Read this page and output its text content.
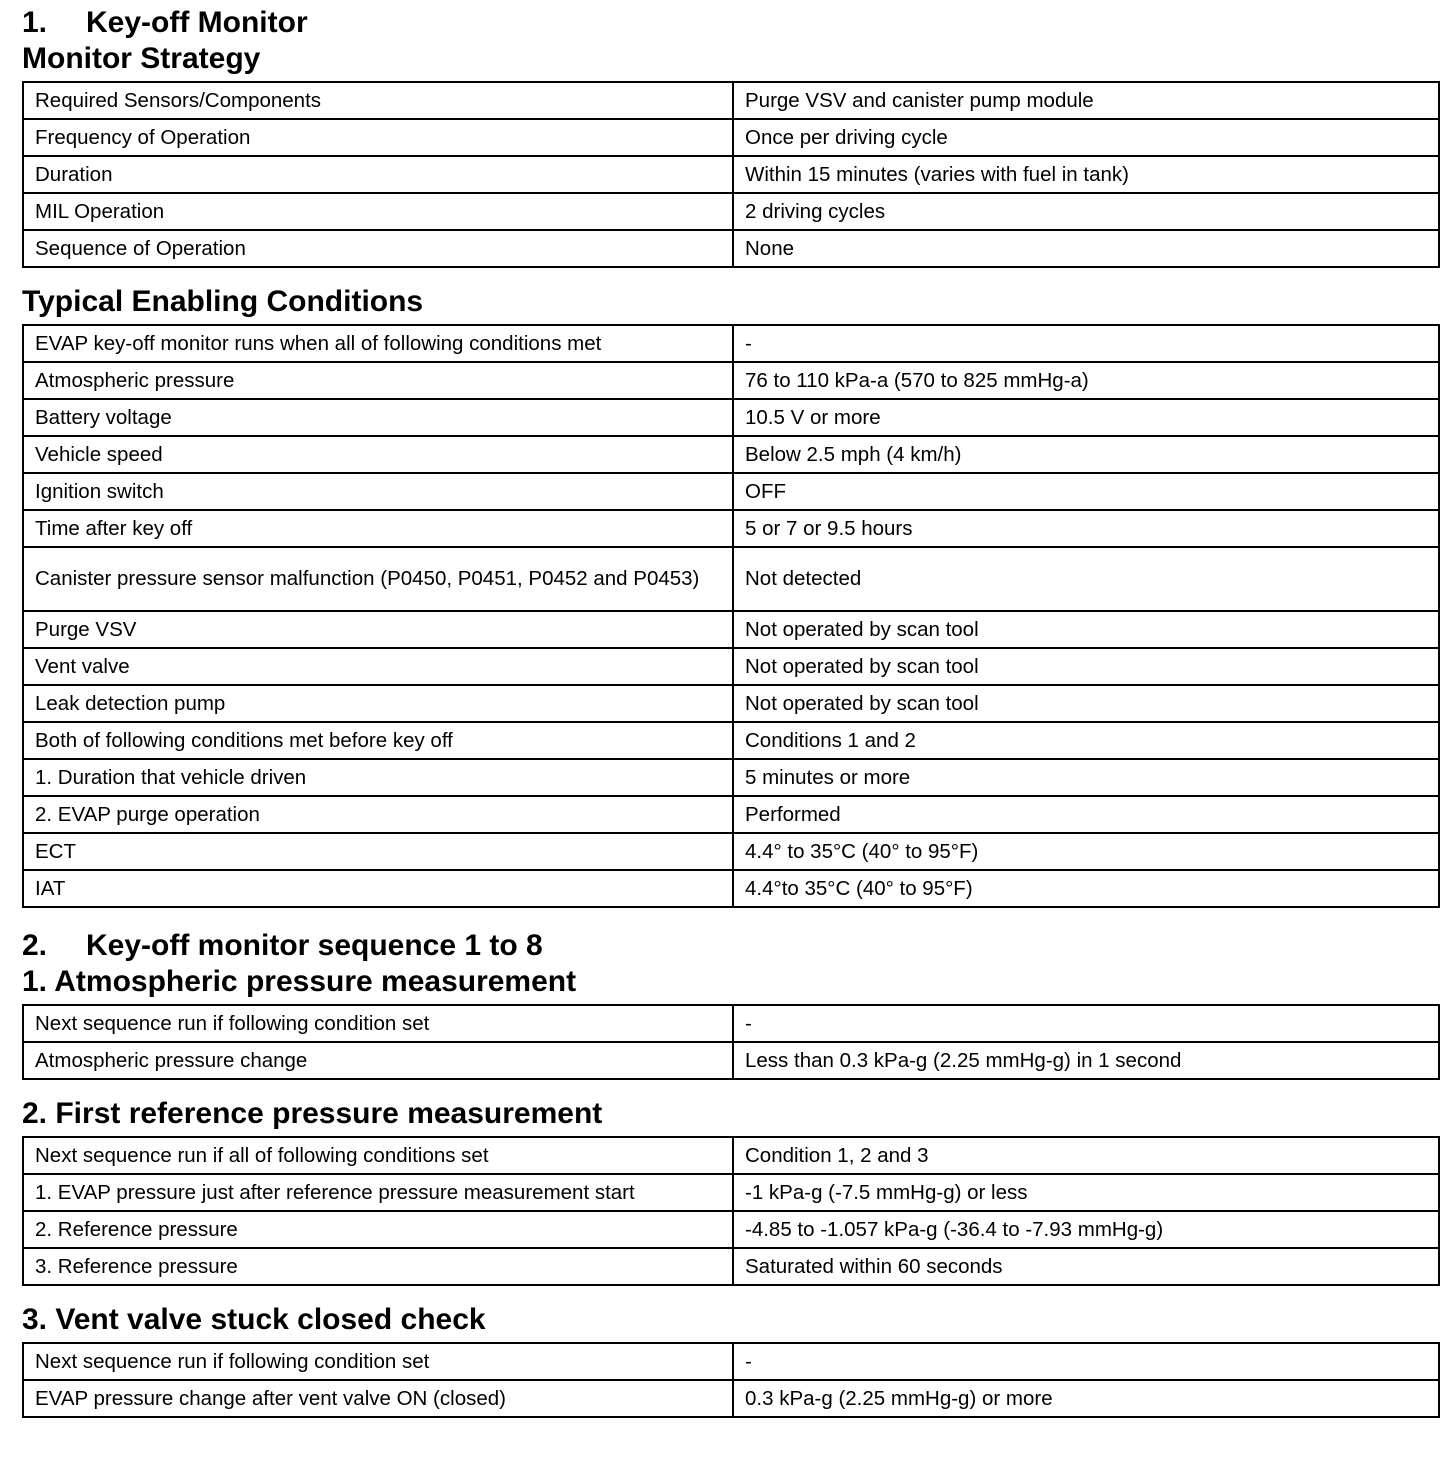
1.	Key-off Monitor
Monitor Strategy
Required Sensors/Components	Purge VSV and canister pump module
Frequency of Operation	Once per driving cycle
Duration	Within 15 minutes (varies with fuel in tank)
MIL Operation	2 driving cycles
Sequence of Operation	None
Typical Enabling Conditions
EVAP key-off monitor runs when all of following conditions met	-
Atmospheric pressure	76 to 110 kPa-a (570 to 825 mmHg-a)
Battery voltage	10.5 V or more
Vehicle speed	Below 2.5 mph (4 km/h)
Ignition switch	OFF
Time after key off	5 or 7 or 9.5 hours
Canister pressure sensor malfunction (P0450, P0451, P0452 and P0453)	Not detected
Purge VSV	Not operated by scan tool
Vent valve	Not operated by scan tool
Leak detection pump	Not operated by scan tool
Both of following conditions met before key off	Conditions 1 and 2
1. Duration that vehicle driven	5 minutes or more
2. EVAP purge operation	Performed
ECT	4.4° to 35°C (40° to 95°F)
IAT	4.4°to 35°C (40° to 95°F)
2.	Key-off monitor sequence 1 to 8
1. Atmospheric pressure measurement
Next sequence run if following condition set	-
Atmospheric pressure change	Less than 0.3 kPa-g (2.25 mmHg-g) in 1 second
2. First reference pressure measurement
Next sequence run if all of following conditions set	Condition 1, 2 and 3
1. EVAP pressure just after reference pressure measurement start	-1 kPa-g (-7.5 mmHg-g) or less
2. Reference pressure	-4.85 to -1.057 kPa-g (-36.4 to -7.93 mmHg-g)
3. Reference pressure	Saturated within 60 seconds
3. Vent valve stuck closed check
Next sequence run if following condition set	-
EVAP pressure change after vent valve ON (closed)	0.3 kPa-g (2.25 mmHg-g) or more
